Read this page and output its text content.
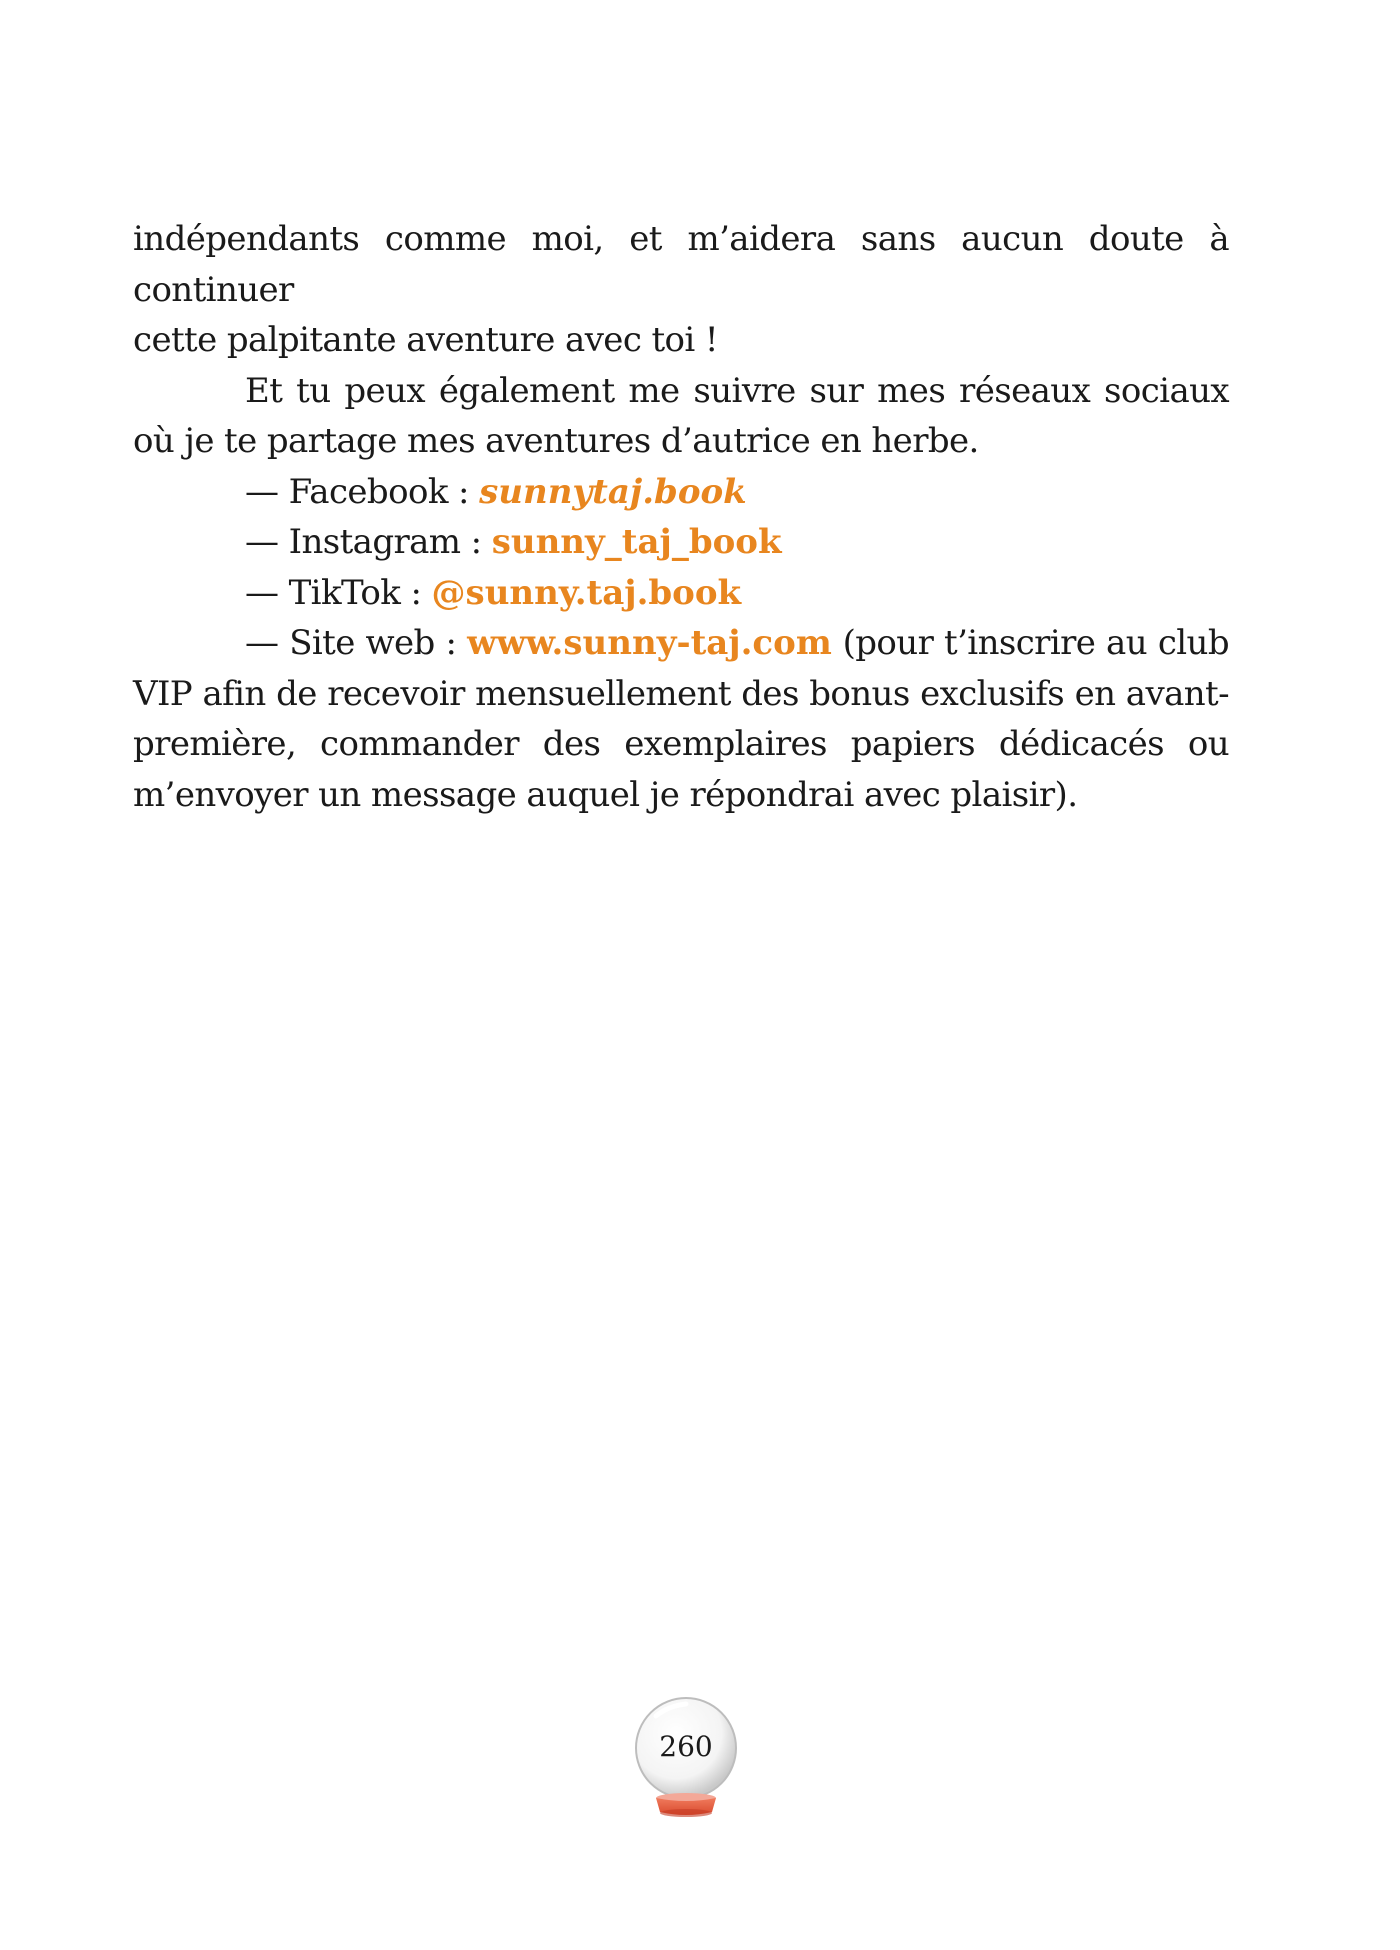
indépendants comme moi, et m’aidera sans aucun doute à continuer
cette palpitante aventure avec toi !

Et tu peux également me suivre sur mes réseaux sociaux où je te partage mes aventures d’autrice en herbe.

— Facebook : sunnytaj.book

— Instagram : sunny_taj_book

— TikTok : @sunny.taj.book

— Site web : www.sunny-taj.com (pour t’inscrire au club VIP afin de recevoir mensuellement des bonus exclusifs en avant-première, commander des exemplaires papiers dédicacés ou m’envoyer un message auquel je répondrai avec plaisir).

260
